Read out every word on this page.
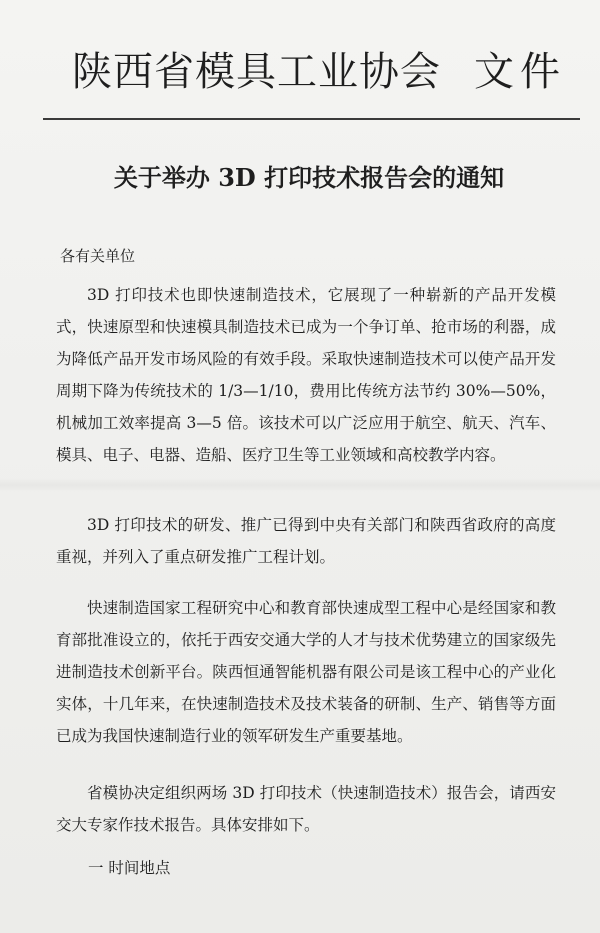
陕西省模具工业协会 文件
关于举办 3D 打印技术报告会的通知
各有关单位

3D 打印技术也即快速制造技术，它展现了一种崭新的产品开发模式，快速原型和快速模具制造技术已成为一个争订单、抢市场的利器，成为降低产品开发市场风险的有效手段。采取快速制造技术可以使产品开发周期下降为传统技术的 1/3—1/10，费用比传统方法节约 30%—50%，机械加工效率提高 3—5 倍。该技术可以广泛应用于航空、航天、汽车、模具、电子、电器、造船、医疗卫生等工业领域和高校教学内容。

3D 打印技术的研发、推广已得到中央有关部门和陕西省政府的高度重视，并列入了重点研发推广工程计划。

快速制造国家工程研究中心和教育部快速成型工程中心是经国家和教育部批准设立的，依托于西安交通大学的人才与技术优势建立的国家级先进制造技术创新平台。陕西恒通智能机器有限公司是该工程中心的产业化实体，十几年来，在快速制造技术及技术装备的研制、生产、销售等方面已成为我国快速制造行业的领军研发生产重要基地。

省模协决定组织两场 3D 打印技术（快速制造技术）报告会，请西安交大专家作技术报告。具体安排如下。

一 时间地点
